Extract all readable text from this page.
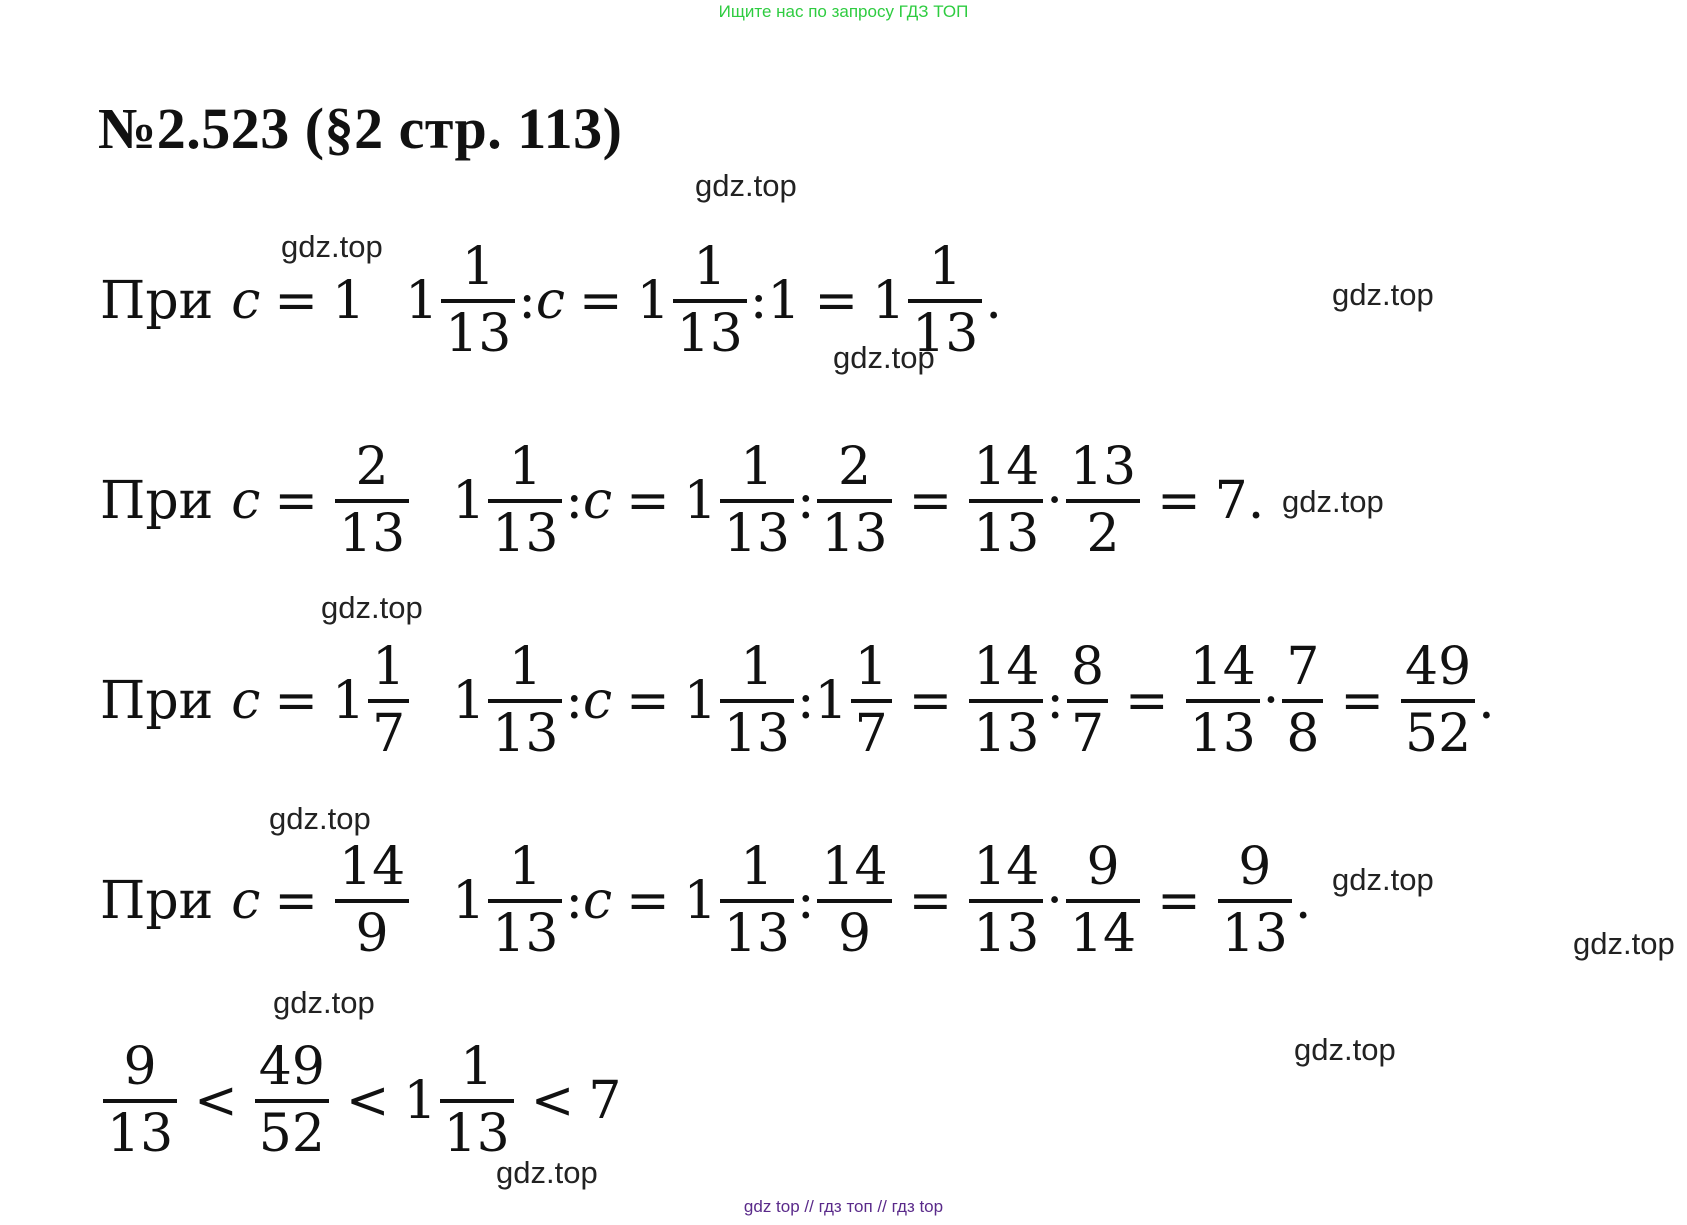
Ищите нас по запросу ГДЗ ТОП
№2.523 (§2 стр. 113)
gdz.top
gdz.top
gdz.top
gdz.top
gdz.top
gdz.top
gdz.top
gdz.top
gdz.top
gdz.top
gdz.top
gdz.top
При c = 1 $1 \frac{1}{13}$ : $c = 1 \frac{1}{13}$ : $1 = 1 \frac{1}{13}$ .
При $c = \frac{2}{13} 1 \frac{1}{13}$ : $c = 1 \frac{1}{13}$ : $\frac{2}{13} = \frac{14}{13} \cdot \frac{13}{2} = 7$.
При $c = 1 \frac{1}{7} 1 \frac{1}{13}$ : $c = 1 \frac{1}{13}$ : $1 \frac{1}{7} = \frac{14}{13}$ : $\frac{8}{7} = \frac{14}{13} \cdot \frac{7}{8} = \frac{49}{52}$ .
При $c = \frac{14}{9} 1 \frac{1}{13}$ : $c = 1 \frac{1}{13}$ : $\frac{14}{9} = \frac{14}{13} \cdot \frac{9}{14} = \frac{9}{13}$ .
$\frac{9}{13} < \frac{49}{52} < 1 \frac{1}{13} < 7$
gdz top // гдз топ // гдз top
